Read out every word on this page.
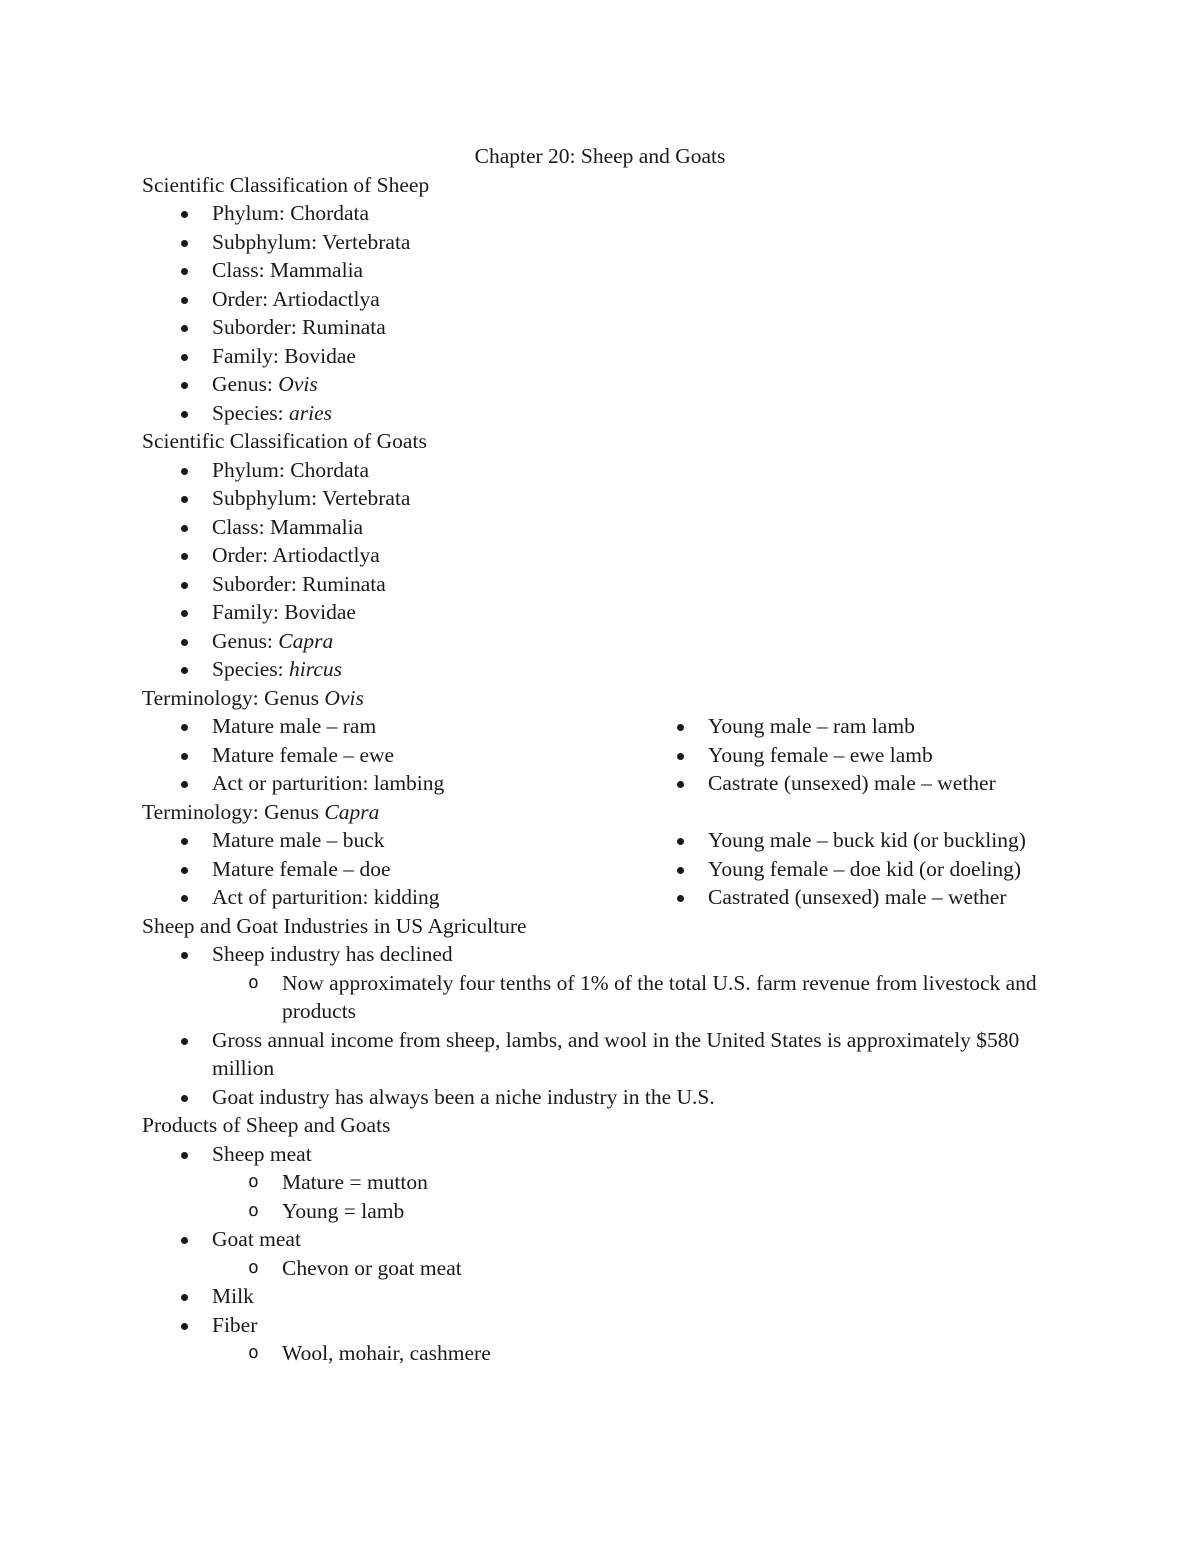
Chapter 20: Sheep and Goats
Scientific Classification of Sheep
Phylum: Chordata
Subphylum: Vertebrata
Class: Mammalia
Order: Artiodactlya
Suborder: Ruminata
Family: Bovidae
Genus: Ovis
Species: aries
Scientific Classification of Goats
Phylum: Chordata
Subphylum: Vertebrata
Class: Mammalia
Order: Artiodactlya
Suborder: Ruminata
Family: Bovidae
Genus: Capra
Species: hircus
Terminology: Genus Ovis
Mature male – ram
Mature female – ewe
Act or parturition: lambing
Young male – ram lamb
Young female – ewe lamb
Castrate (unsexed) male – wether
Terminology: Genus Capra
Mature male – buck
Mature female – doe
Act of parturition: kidding
Young male – buck kid (or buckling)
Young female – doe kid (or doeling)
Castrated (unsexed) male – wether
Sheep and Goat Industries in US Agriculture
Sheep industry has declined
o Now approximately four tenths of 1% of the total U.S. farm revenue from livestock and products
Gross annual income from sheep, lambs, and wool in the United States is approximately $580 million
Goat industry has always been a niche industry in the U.S.
Products of Sheep and Goats
Sheep meat
o Mature = mutton
o Young = lamb
Goat meat
o Chevon or goat meat
Milk
Fiber
o Wool, mohair, cashmere
